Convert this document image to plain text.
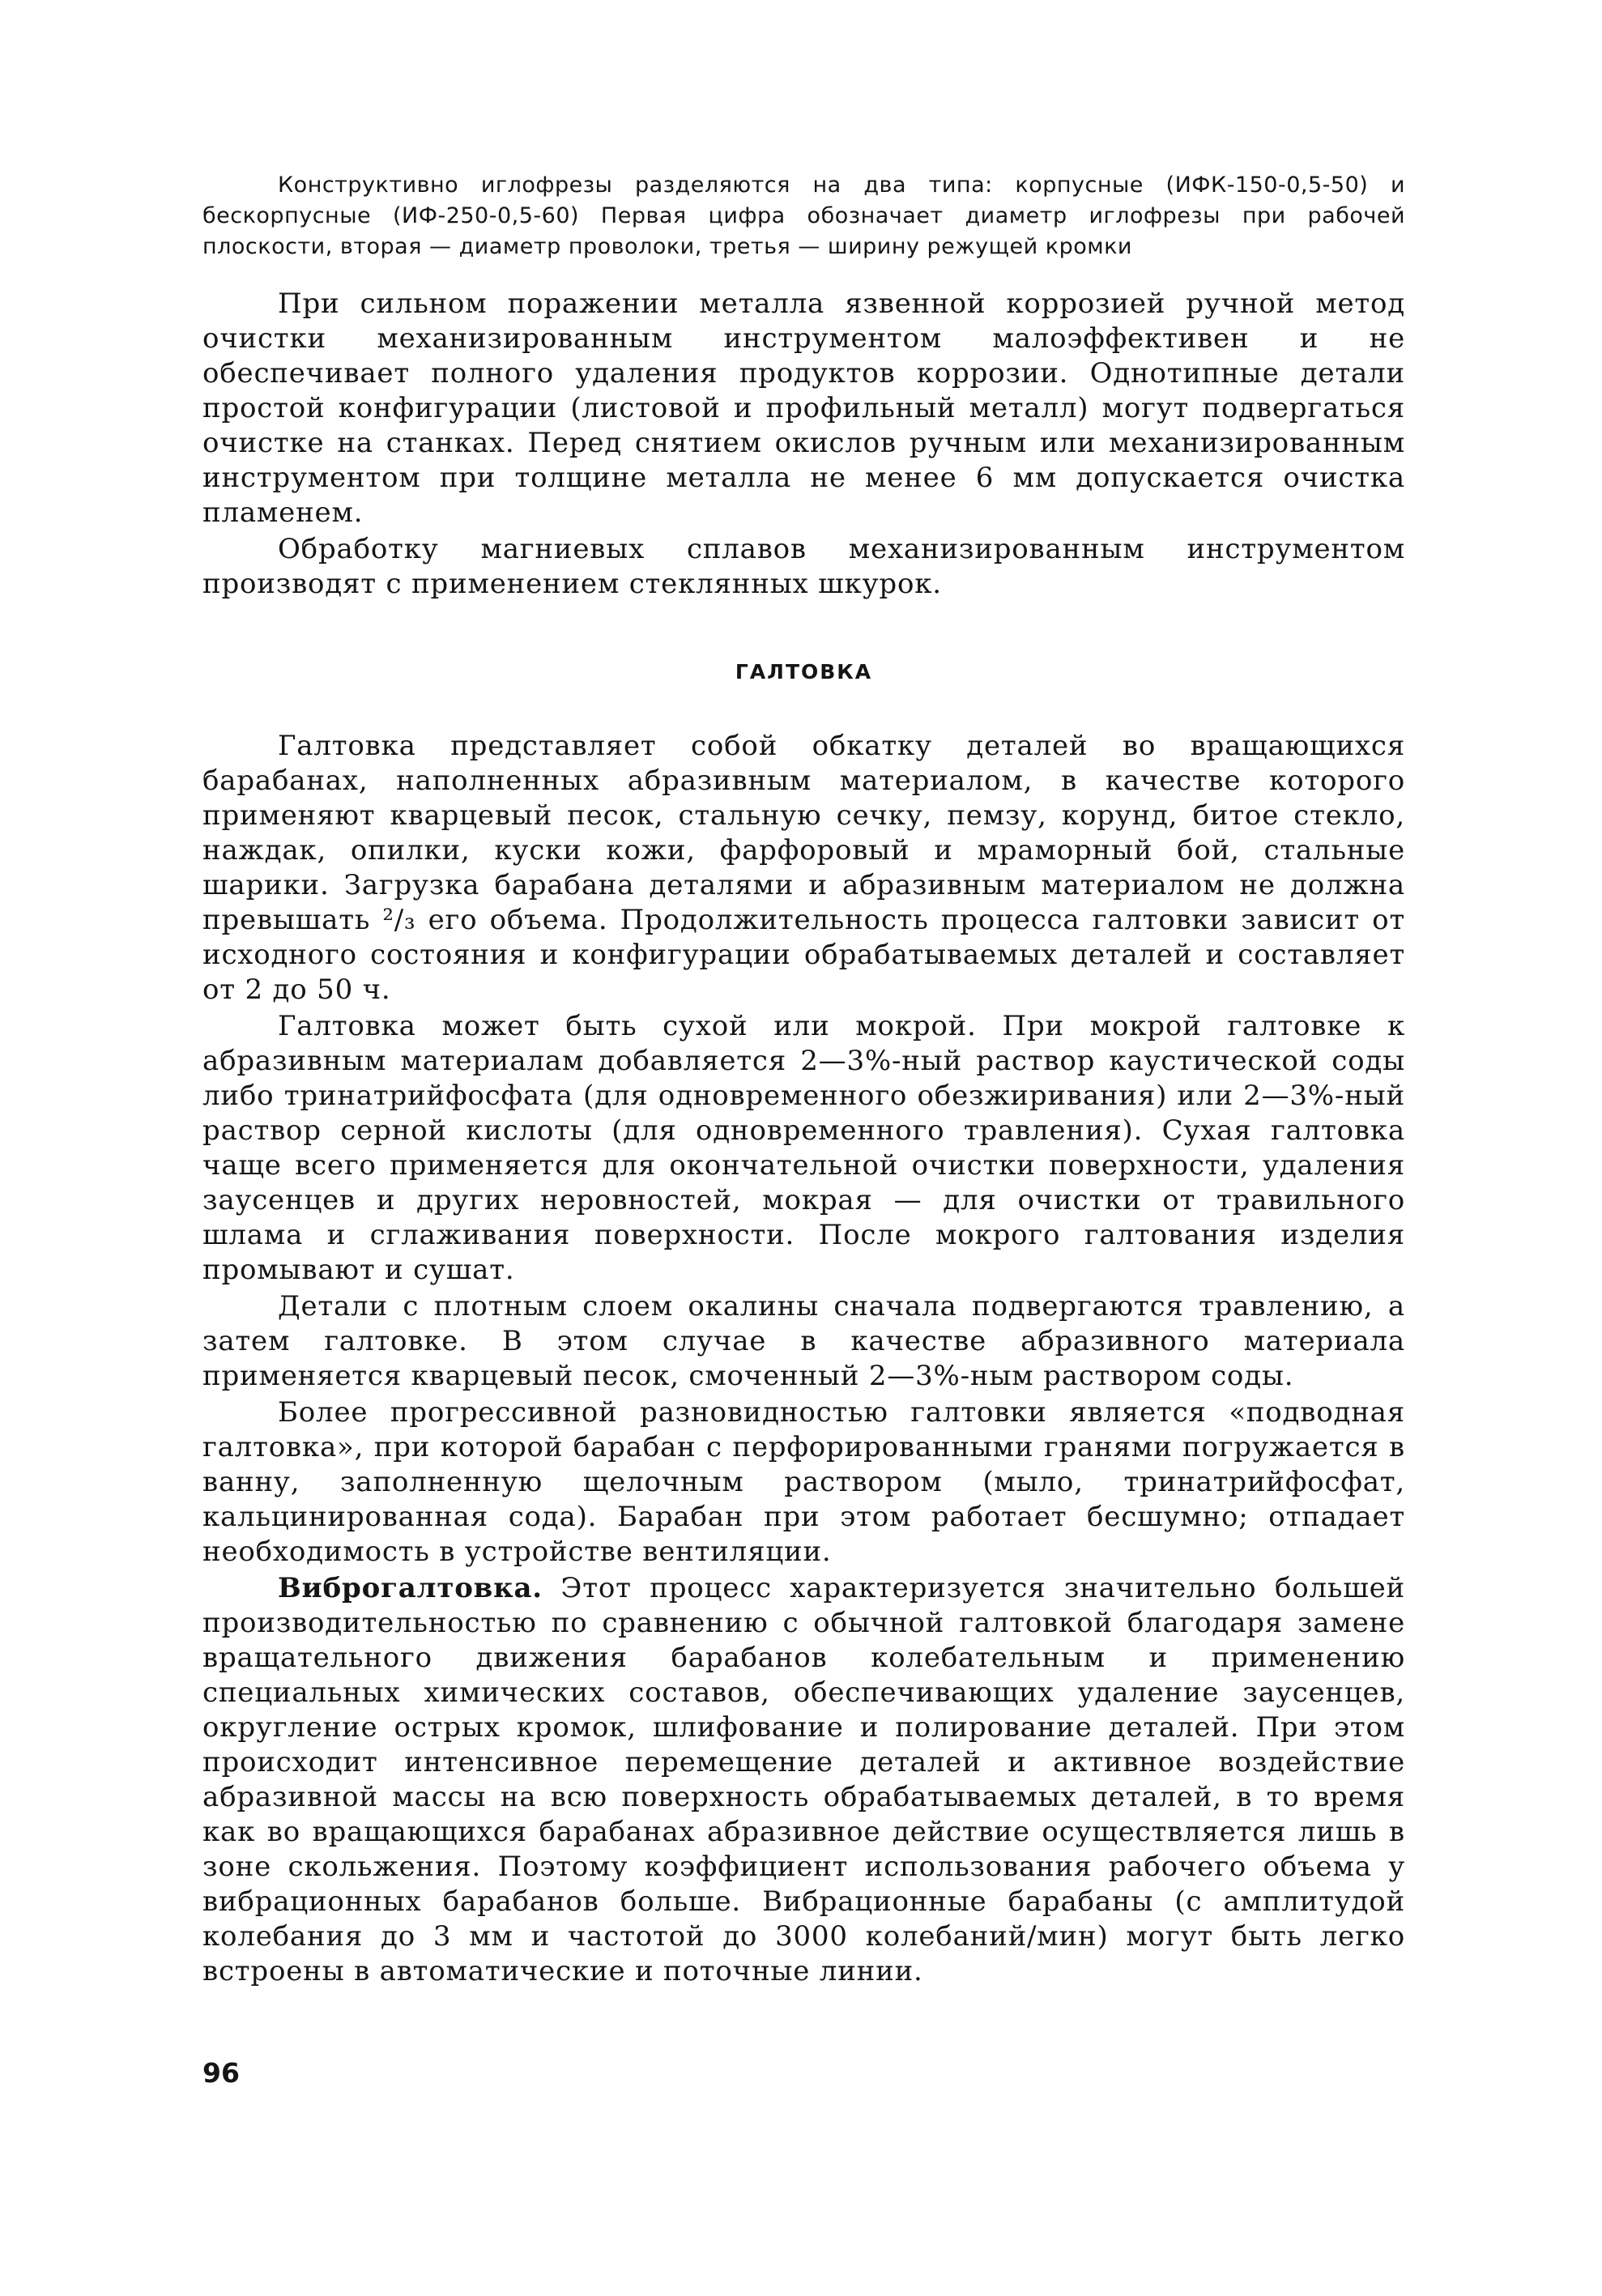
Конструктивно иглофрезы разделяются на два типа: корпусные (ИФК-150-0,5-50) и бескорпусные (ИФ-250-0,5-60) Первая цифра обозначает диаметр иглофрезы при рабочей плоскости, вторая — диаметр проволоки, третья — ширину режущей кромки

При сильном поражении металла язвенной коррозией ручной метод очистки механизированным инструментом малоэффективен и не обеспечивает полного удаления продуктов коррозии. Однотипные детали простой конфигурации (листовой и профильный металл) могут подвергаться очистке на станках. Перед снятием окислов ручным или механизированным инструментом при толщине металла не менее 6 мм допускается очистка пламенем.

Обработку магниевых сплавов механизированным инструментом производят с применением стеклянных шкурок.

ГАЛТОВКА

Галтовка представляет собой обкатку деталей во вращающихся барабанах, наполненных абразивным материалом, в качестве которого применяют кварцевый песок, стальную сечку, пемзу, корунд, битое стекло, наждак, опилки, куски кожи, фарфоровый и мраморный бой, стальные шарики. Загрузка барабана деталями и абразивным материалом не должна превышать ²/₃ его объема. Продолжительность процесса галтовки зависит от исходного состояния и конфигурации обрабатываемых деталей и составляет от 2 до 50 ч.

Галтовка может быть сухой или мокрой. При мокрой галтовке к абразивным материалам добавляется 2—3%-ный раствор каустической соды либо тринатрийфосфата (для одновременного обезжиривания) или 2—3%-ный раствор серной кислоты (для одновременного травления). Сухая галтовка чаще всего применяется для окончательной очистки поверхности, удаления заусенцев и других неровностей, мокрая — для очистки от травильного шлама и сглаживания поверхности. После мокрого галтования изделия промывают и сушат.

Детали с плотным слоем окалины сначала подвергаются травлению, а затем галтовке. В этом случае в качестве абразивного материала применяется кварцевый песок, смоченный 2—3%-ным раствором соды.

Более прогрессивной разновидностью галтовки является «подводная галтовка», при которой барабан с перфорированными гранями погружается в ванну, заполненную щелочным раствором (мыло, тринатрийфосфат, кальцинированная сода). Барабан при этом работает бесшумно; отпадает необходимость в устройстве вентиляции.

Виброгалтовка. Этот процесс характеризуется значительно большей производительностью по сравнению с обычной галтовкой благодаря замене вращательного движения барабанов колебательным и применению специальных химических составов, обеспечивающих удаление заусенцев, округление острых кромок, шлифование и полирование деталей. При этом происходит интенсивное перемещение деталей и активное воздействие абразивной массы на всю поверхность обрабатываемых деталей, в то время как во вращающихся барабанах абразивное действие осуществляется лишь в зоне скольжения. Поэтому коэффициент использования рабочего объема у вибрационных барабанов больше. Вибрационные барабаны (с амплитудой колебания до 3 мм и частотой до 3000 колебаний/мин) могут быть легко встроены в автоматические и поточные линии.

96
